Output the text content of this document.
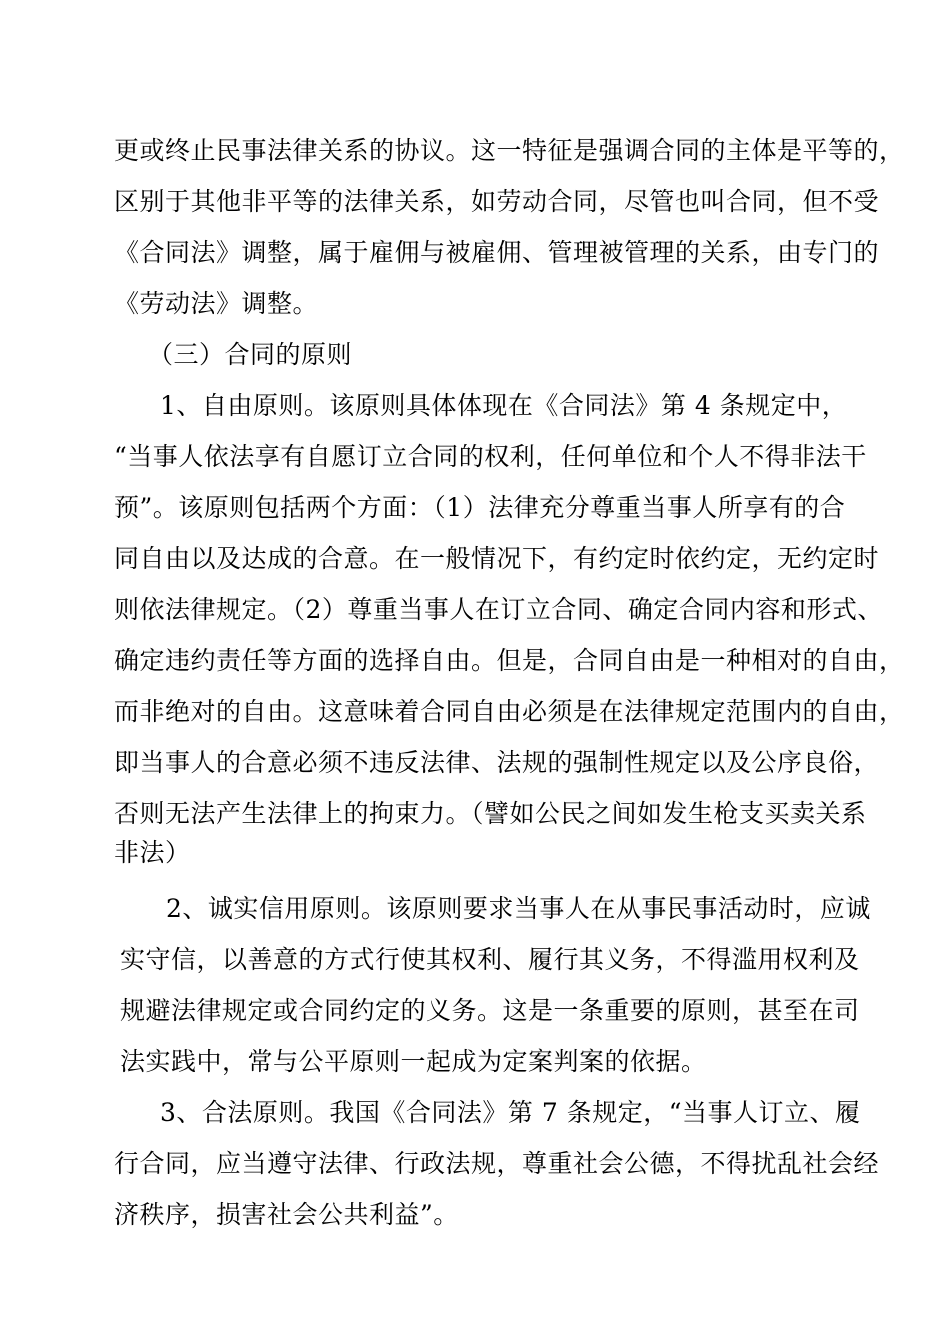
更或终止民事法律关系的协议。这一特征是强调合同的主体是平等的，
区别于其他非平等的法律关系，如劳动合同，尽管也叫合同，但不受
《合同法》调整，属于雇佣与被雇佣、管理被管理的关系，由专门的
《劳动法》调整。
（三）合同的原则
1、自由原则。该原则具体体现在《合同法》第 4 条规定中，
“当事人依法享有自愿订立合同的权利，任何单位和个人不得非法干
预”。该原则包括两个方面：（1）法律充分尊重当事人所享有的合
同自由以及达成的合意。在一般情况下，有约定时依约定，无约定时
则依法律规定。（2）尊重当事人在订立合同、确定合同内容和形式、
确定违约责任等方面的选择自由。但是，合同自由是一种相对的自由，
而非绝对的自由。这意味着合同自由必须是在法律规定范围内的自由，
即当事人的合意必须不违反法律、法规的强制性规定以及公序良俗，
否则无法产生法律上的拘束力。（譬如公民之间如发生枪支买卖关系
非法）
2、诚实信用原则。该原则要求当事人在从事民事活动时，应诚
实守信，以善意的方式行使其权利、履行其义务，不得滥用权利及
规避法律规定或合同约定的义务。这是一条重要的原则，甚至在司
法实践中，常与公平原则一起成为定案判案的依据。
3、合法原则。我国《合同法》第 7 条规定，“当事人订立、履
行合同，应当遵守法律、行政法规，尊重社会公德，不得扰乱社会经
济秩序，损害社会公共利益”。
